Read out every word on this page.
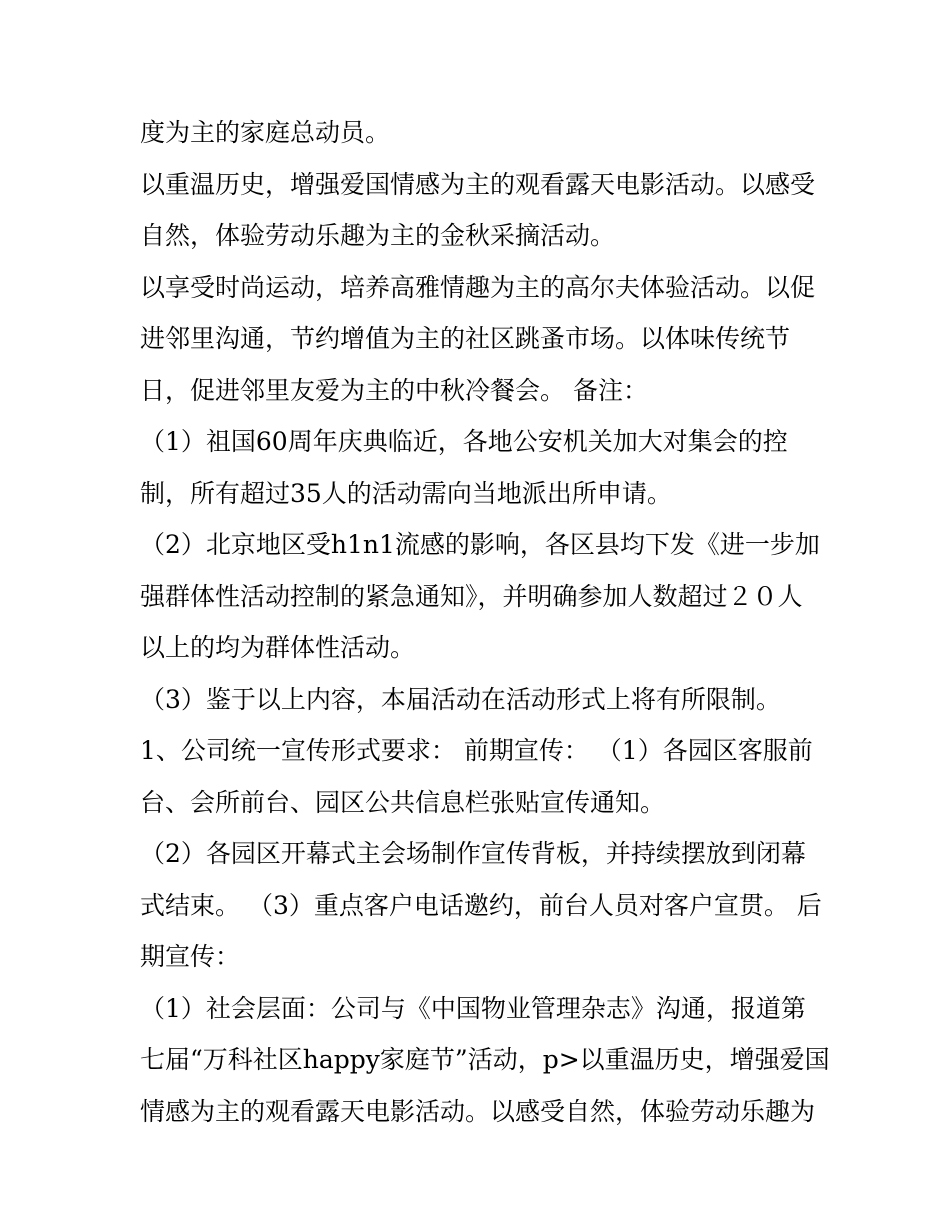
度为主的家庭总动员。
以重温历史，增强爱国情感为主的观看露天电影活动。以感受
自然，体验劳动乐趣为主的金秋采摘活动。
以享受时尚运动，培养高雅情趣为主的高尔夫体验活动。以促
进邻里沟通，节约增值为主的社区跳蚤市场。以体味传统节
日，促进邻里友爱为主的中秋冷餐会。 备注：
（1）祖国60周年庆典临近，各地公安机关加大对集会的控
制，所有超过35人的活动需向当地派出所申请。
（2）北京地区受h1n1流感的影响，各区县均下发《进一步加
强群体性活动控制的紧急通知》，并明确参加人数超过２０人
以上的均为群体性活动。
（3）鉴于以上内容，本届活动在活动形式上将有所限制。
1、公司统一宣传形式要求： 前期宣传： （1）各园区客服前
台、会所前台、园区公共信息栏张贴宣传通知。
（2）各园区开幕式主会场制作宣传背板，并持续摆放到闭幕
式结束。 （3）重点客户电话邀约，前台人员对客户宣贯。 后
期宣传：
（1）社会层面：公司与《中国物业管理杂志》沟通，报道第
七届“万科社区happy家庭节”活动，p>以重温历史，增强爱国
情感为主的观看露天电影活动。以感受自然，体验劳动乐趣为
